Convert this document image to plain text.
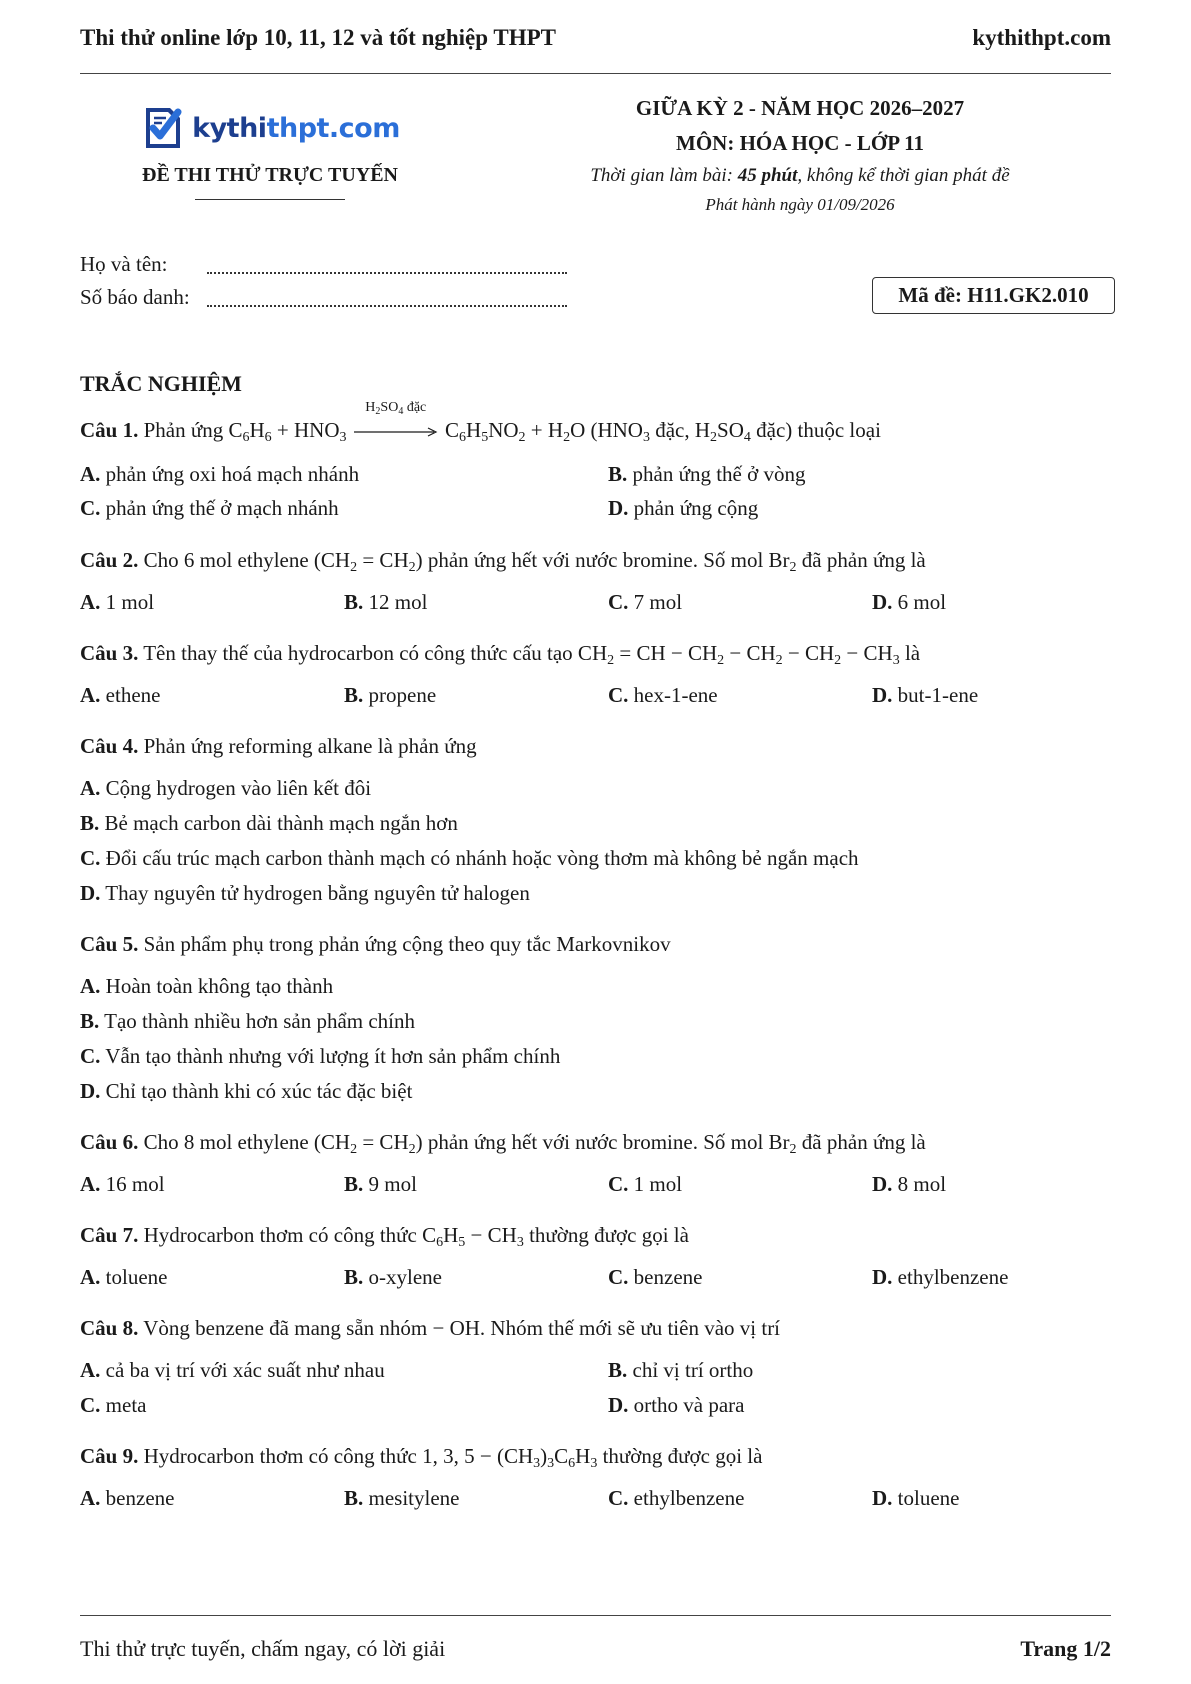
Thi thử online lớp 10, 11, 12 và tốt nghiệp THPT	kythithpt.com
kythithpt.com
ĐỀ THI THỬ TRỰC TUYẾN
GIỮA KỲ 2 - NĂM HỌC 2026–2027
MÔN: HÓA HỌC - LỚP 11
Thời gian làm bài: 45 phút, không kể thời gian phát đề
Phát hành ngày 01/09/2026
Họ và tên:
Số báo danh:	Mã đề: H11.GK2.010
TRẮC NGHIỆM
Câu 1. Phản ứng $C_6H_6 + HNO_3$
$H_2SO_4$ đặc
$C_6H_5NO_2 + H_2O$ ($HNO_3$ đặc, $H_2SO_4$ đặc) thuộc loại
A. phản ứng oxi hoá mạch nhánh	B. phản ứng thế ở vòng
C. phản ứng thế ở mạch nhánh	D. phản ứng cộng
Câu 2. Cho 6 mol ethylene $(CH_2 = CH_2)$ phản ứng hết với nước bromine. Số mol $Br_2$ đã phản ứng là
A. 1 mol	B. 12 mol	C. 7 mol	D. 6 mol
Câu 3. Tên thay thế của hydrocarbon có công thức cấu tạo $CH_2$ = CH − $CH_2 - CH_2 - CH_2 - CH_3$ là
A. ethene	B. propene	C. hex-1-ene	D. but-1-ene
Câu 4. Phản ứng reforming alkane là phản ứng
A. Cộng hydrogen vào liên kết đôi
B. Bẻ mạch carbon dài thành mạch ngắn hơn
C. Đổi cấu trúc mạch carbon thành mạch có nhánh hoặc vòng thơm mà không bẻ ngắn mạch
D. Thay nguyên tử hydrogen bằng nguyên tử halogen
Câu 5. Sản phẩm phụ trong phản ứng cộng theo quy tắc Markovnikov
A. Hoàn toàn không tạo thành
B. Tạo thành nhiều hơn sản phẩm chính
C. Vẫn tạo thành nhưng với lượng ít hơn sản phẩm chính
D. Chỉ tạo thành khi có xúc tác đặc biệt
Câu 6. Cho 8 mol ethylene $(CH_2 = CH_2)$ phản ứng hết với nước bromine. Số mol $Br_2$ đã phản ứng là
A. 16 mol	B. 9 mol	C. 1 mol	D. 8 mol
Câu 7. Hydrocarbon thơm có công thức $C_6H_5 - CH_3$ thường được gọi là
A. toluene	B. o-xylene	C. benzene	D. ethylbenzene
Câu 8. Vòng benzene đã mang sẵn nhóm − OH. Nhóm thế mới sẽ ưu tiên vào vị trí
A. cả ba vị trí với xác suất như nhau	B. chỉ vị trí ortho
C. meta	D. ortho và para
Câu 9. Hydrocarbon thơm có công thức 1, 3, $5 - (CH_3)_3C_6H_3$ thường được gọi là
A. benzene	B. mesitylene	C. ethylbenzene	D. toluene
Thi thử trực tuyến, chấm ngay, có lời giải	Trang 1/2
